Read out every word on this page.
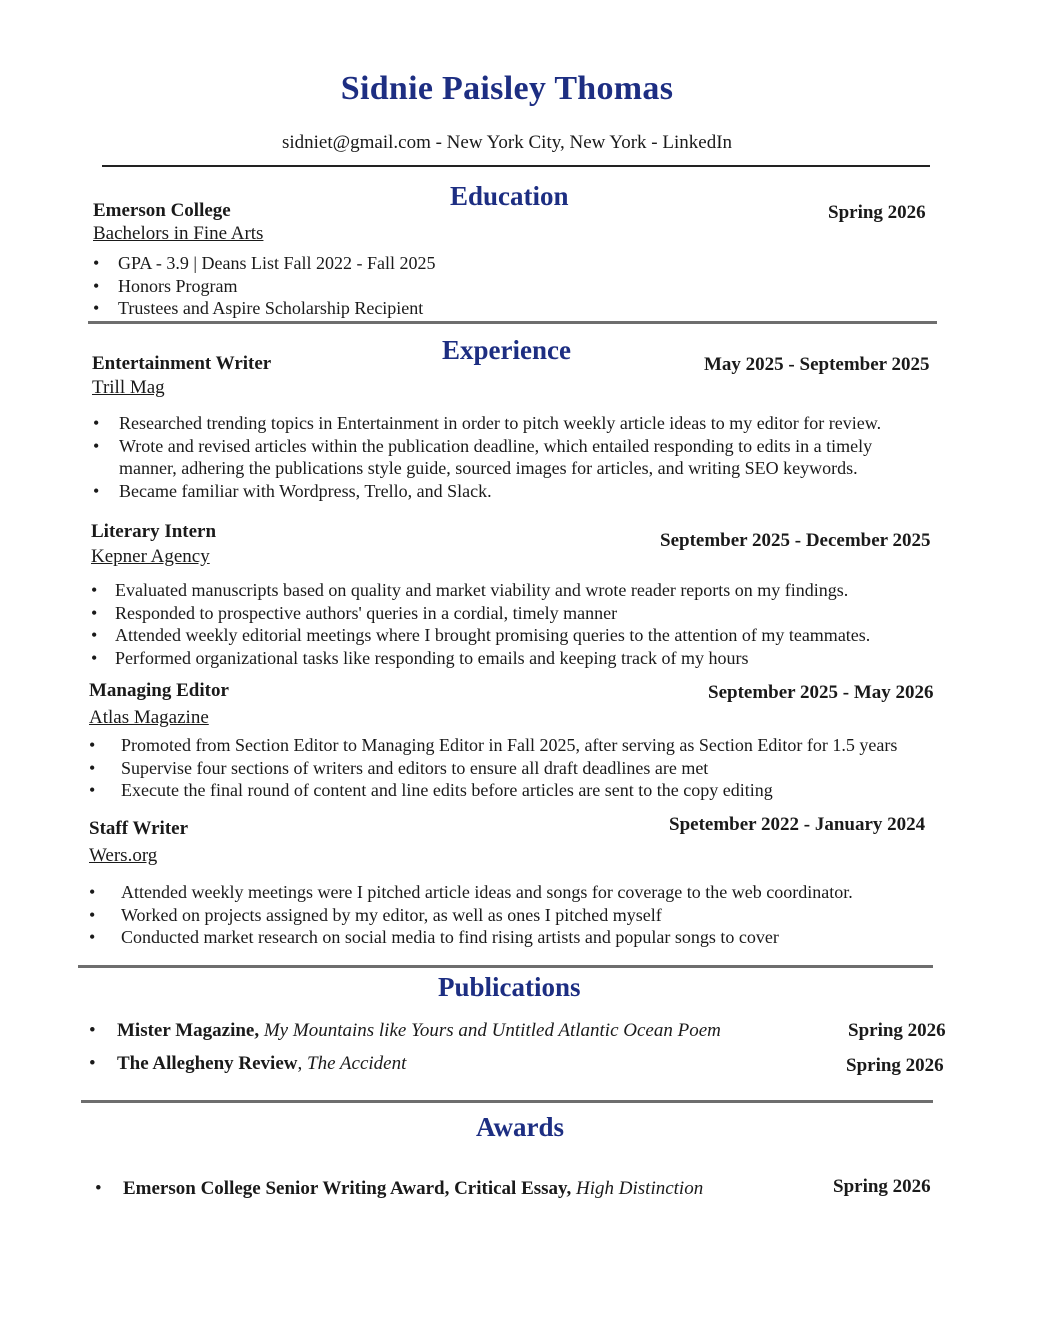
Sidnie Paisley Thomas
sidniet@gmail.com - New York City, New York - LinkedIn
Education
Emerson College
Bachelors in Fine Arts
Spring 2026
• GPA - 3.9 | Deans List Fall 2022 - Fall 2025
• Honors Program
• Trustees and Aspire Scholarship Recipient
Experience
Entertainment Writer
Trill Mag
May 2025 - September 2025
• Researched trending topics in Entertainment in order to pitch weekly article ideas to my editor for review.
• Wrote and revised articles within the publication deadline, which entailed responding to edits in a timely
manner, adhering the publications style guide, sourced images for articles, and writing SEO keywords.
• Became familiar with Wordpress, Trello, and Slack.
Literary Intern
Kepner Agency
September 2025 - December 2025
• Evaluated manuscripts based on quality and market viability and wrote reader reports on my findings.
• Responded to prospective authors' queries in a cordial, timely manner
• Attended weekly editorial meetings where I brought promising queries to the attention of my teammates.
• Performed organizational tasks like responding to emails and keeping track of my hours
Managing Editor
Atlas Magazine
September 2025 - May 2026
• Promoted from Section Editor to Managing Editor in Fall 2025, after serving as Section Editor for 1.5 years
• Supervise four sections of writers and editors to ensure all draft deadlines are met
• Execute the final round of content and line edits before articles are sent to the copy editing
Staff Writer
Wers.org
Spetember 2022 - January 2024
• Attended weekly meetings were I pitched article ideas and songs for coverage to the web coordinator.
• Worked on projects assigned by my editor, as well as ones I pitched myself
• Conducted market research on social media to find rising artists and popular songs to cover
Publications
• Mister Magazine, My Mountains like Yours and Untitled Atlantic Ocean Poem	Spring 2026
• The Allegheny Review, The Accident	Spring 2026
Awards
• Emerson College Senior Writing Award, Critical Essay, High Distinction	Spring 2026
